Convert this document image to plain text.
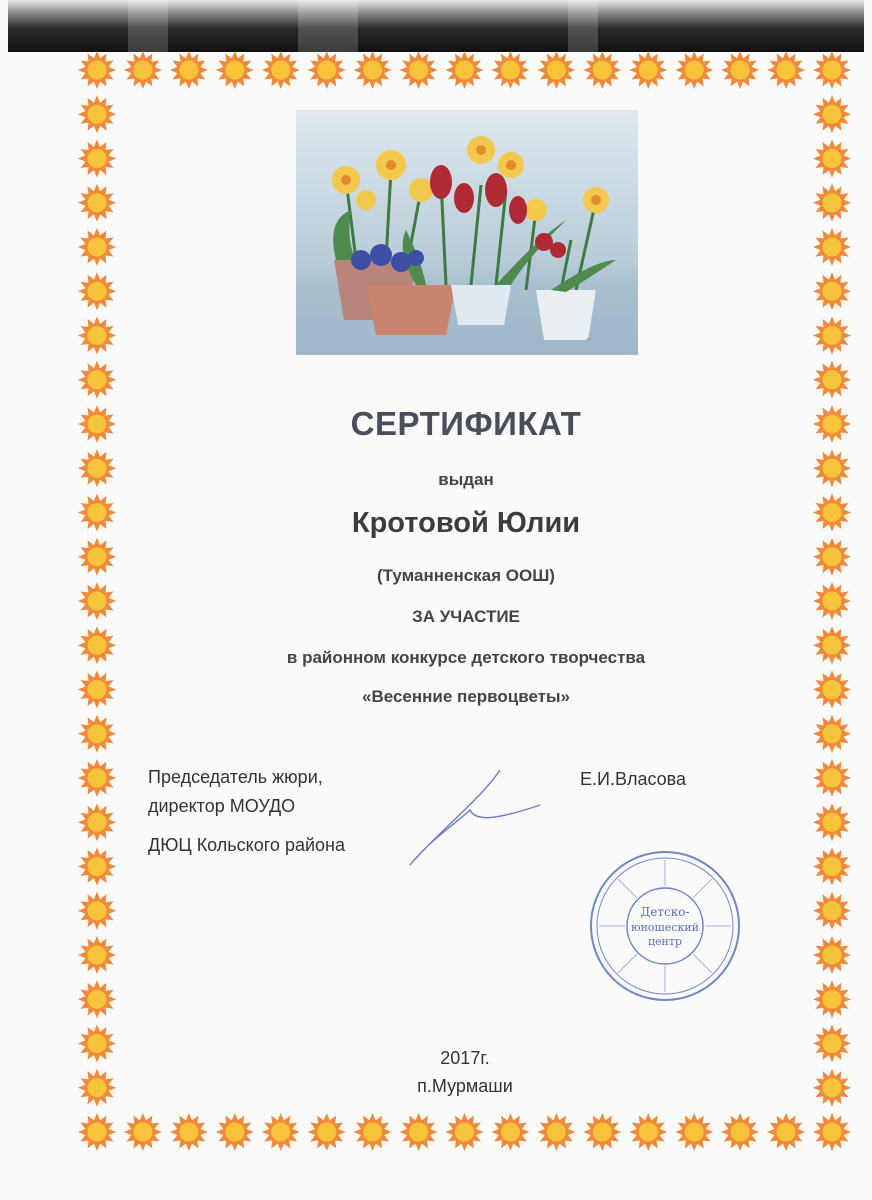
~
СЕРТИФИКАТ
выдан
Кротовой Юлии
(Туманненская ООШ)
ЗА УЧАСТИЕ
в районном конкурсе детского творчества
«Весенние первоцветы»
Председатель жюри,
директор МОУДО
ДЮЦ Кольского района
Е.И.Власова
Детско-
юношеский
центр
2017г.
п.Мурмаши
